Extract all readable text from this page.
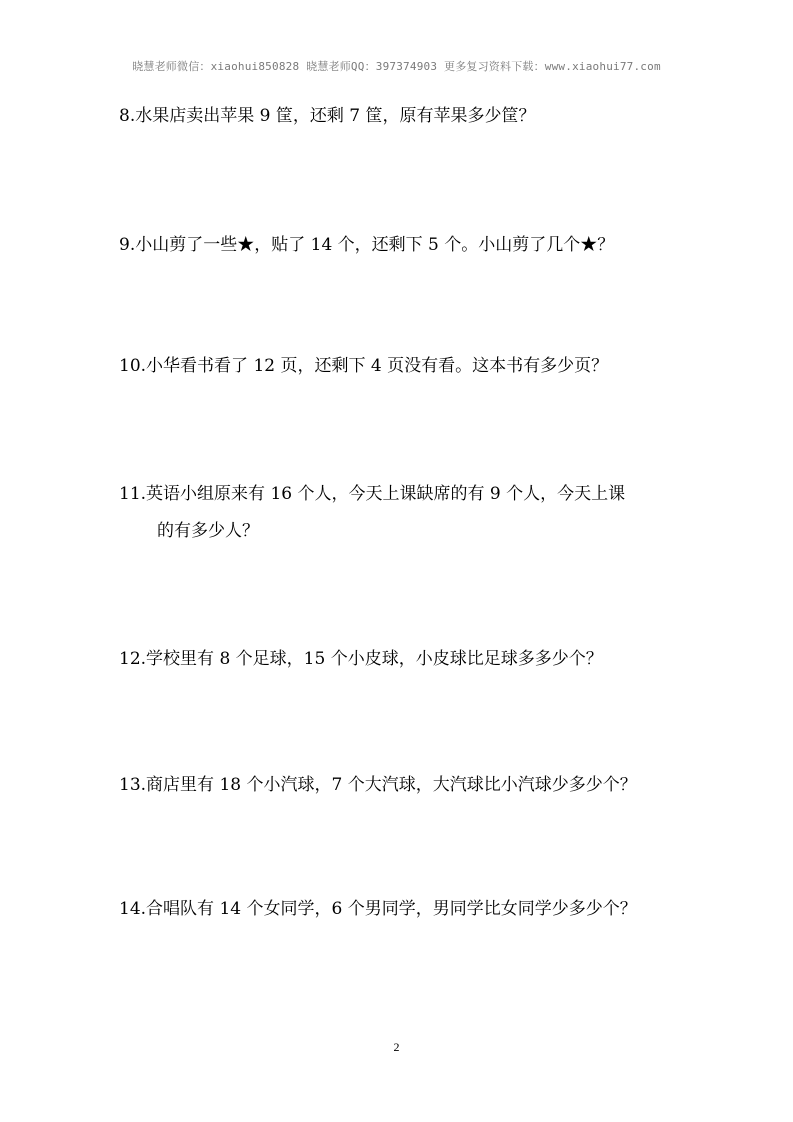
晓慧老师微信：xiaohui850828 晓慧老师QQ：397374903 更多复习资料下载：www.xiaohui77.com
8.水果店卖出苹果 9 筐，还剩 7 筐，原有苹果多少筐？
9.小山剪了一些★，贴了 14 个，还剩下 5 个。小山剪了几个★？
10.小华看书看了 12 页，还剩下 4 页没有看。这本书有多少页？
11.英语小组原来有 16 个人，今天上课缺席的有 9 个人，今天上课
的有多少人？
12.学校里有 8 个足球，15 个小皮球，小皮球比足球多多少个？
13.商店里有 18 个小汽球，7 个大汽球，大汽球比小汽球少多少个？
14.合唱队有 14 个女同学，6 个男同学，男同学比女同学少多少个？
2
